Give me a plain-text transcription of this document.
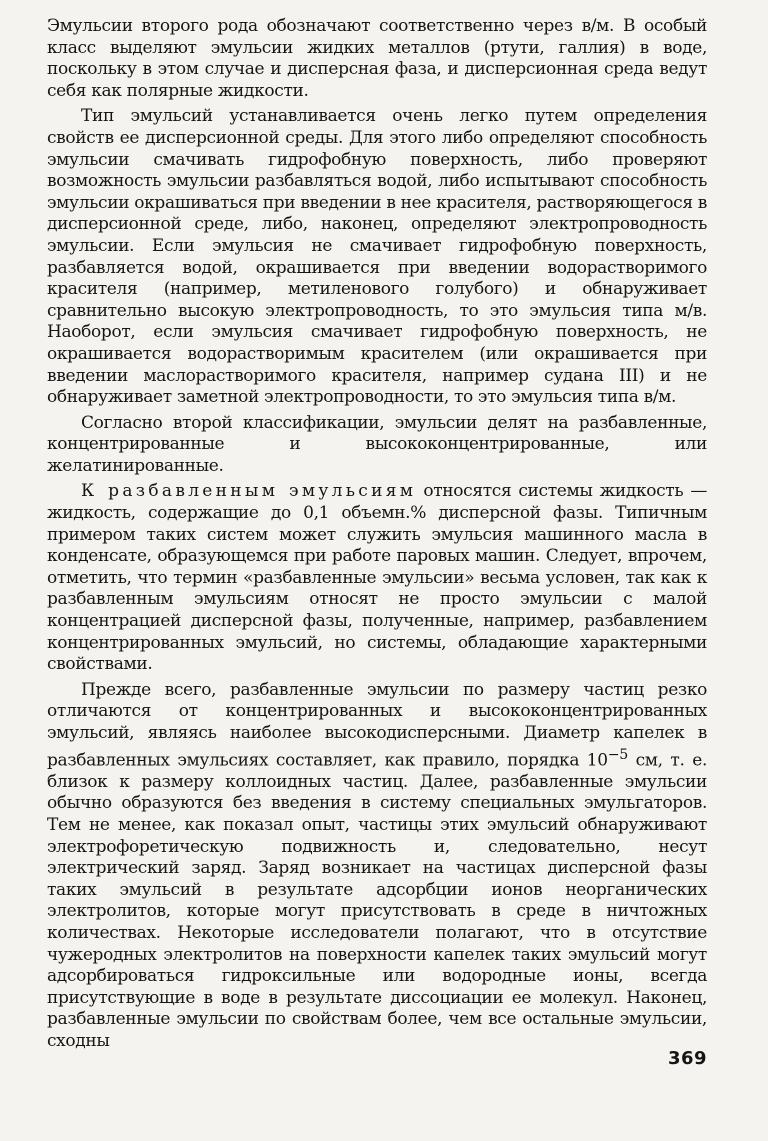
Эмульсии второго рода обозначают соответственно через в/м. В особый класс выделяют эмульсии жидких металлов (ртути, галлия) в воде, поскольку в этом случае и дисперсная фаза, и дисперсионная среда ведут себя как полярные жидкости.

Тип эмульсий устанавливается очень легко путем определения свойств ее дисперсионной среды. Для этого либо определяют способность эмульсии смачивать гидрофобную поверхность, либо проверяют возможность эмульсии разбавляться водой, либо испытывают способность эмульсии окрашиваться при введении в нее красителя, растворяющегося в дисперсионной среде, либо, наконец, определяют электропроводность эмульсии. Если эмульсия не смачивает гидрофобную поверхность, разбавляется водой, окрашивается при введении водорастворимого красителя (например, метиленового голубого) и обнаруживает сравнительно высокую электропроводность, то это эмульсия типа м/в. Наоборот, если эмульсия смачивает гидрофобную поверхность, не окрашивается водорастворимым красителем (или окрашивается при введении маслорастворимого красителя, например судана III) и не обнаруживает заметной электропроводности, то это эмульсия типа в/м.

Согласно второй классификации, эмульсии делят на разбавленные, концентрированные и высококонцентрированные, или желатинированные.

К разбавленным эмульсиям относятся системы жидкость — жидкость, содержащие до 0,1 объемн.% дисперсной фазы. Типичным примером таких систем может служить эмульсия машинного масла в конденсате, образующемся при работе паровых машин. Следует, впрочем, отметить, что термин «разбавленные эмульсии» весьма условен, так как к разбавленным эмульсиям относят не просто эмульсии с малой концентрацией дисперсной фазы, полученные, например, разбавлением концентрированных эмульсий, но системы, обладающие характерными свойствами.

Прежде всего, разбавленные эмульсии по размеру частиц резко отличаются от концентрированных и высококонцентрированных эмульсий, являясь наиболее высокодисперсными. Диаметр капелек в разбавленных эмульсиях составляет, как правило, порядка $10^{-5}$ см, т. е. близок к размеру коллоидных частиц. Далее, разбавленные эмульсии обычно образуются без введения в систему специальных эмульгаторов. Тем не менее, как показал опыт, частицы этих эмульсий обнаруживают электрофоретическую подвижность и, следовательно, несут электрический заряд. Заряд возникает на частицах дисперсной фазы таких эмульсий в результате адсорбции ионов неорганических электролитов, которые могут присутствовать в среде в ничтожных количествах. Некоторые исследователи полагают, что в отсутствие чужеродных электролитов на поверхности капелек таких эмульсий могут адсорбироваться гидроксильные или водородные ионы, всегда присутствующие в воде в результате диссоциации ее молекул. Наконец, разбавленные эмульсии по свойствам более, чем все остальные эмульсии, сходны

369
